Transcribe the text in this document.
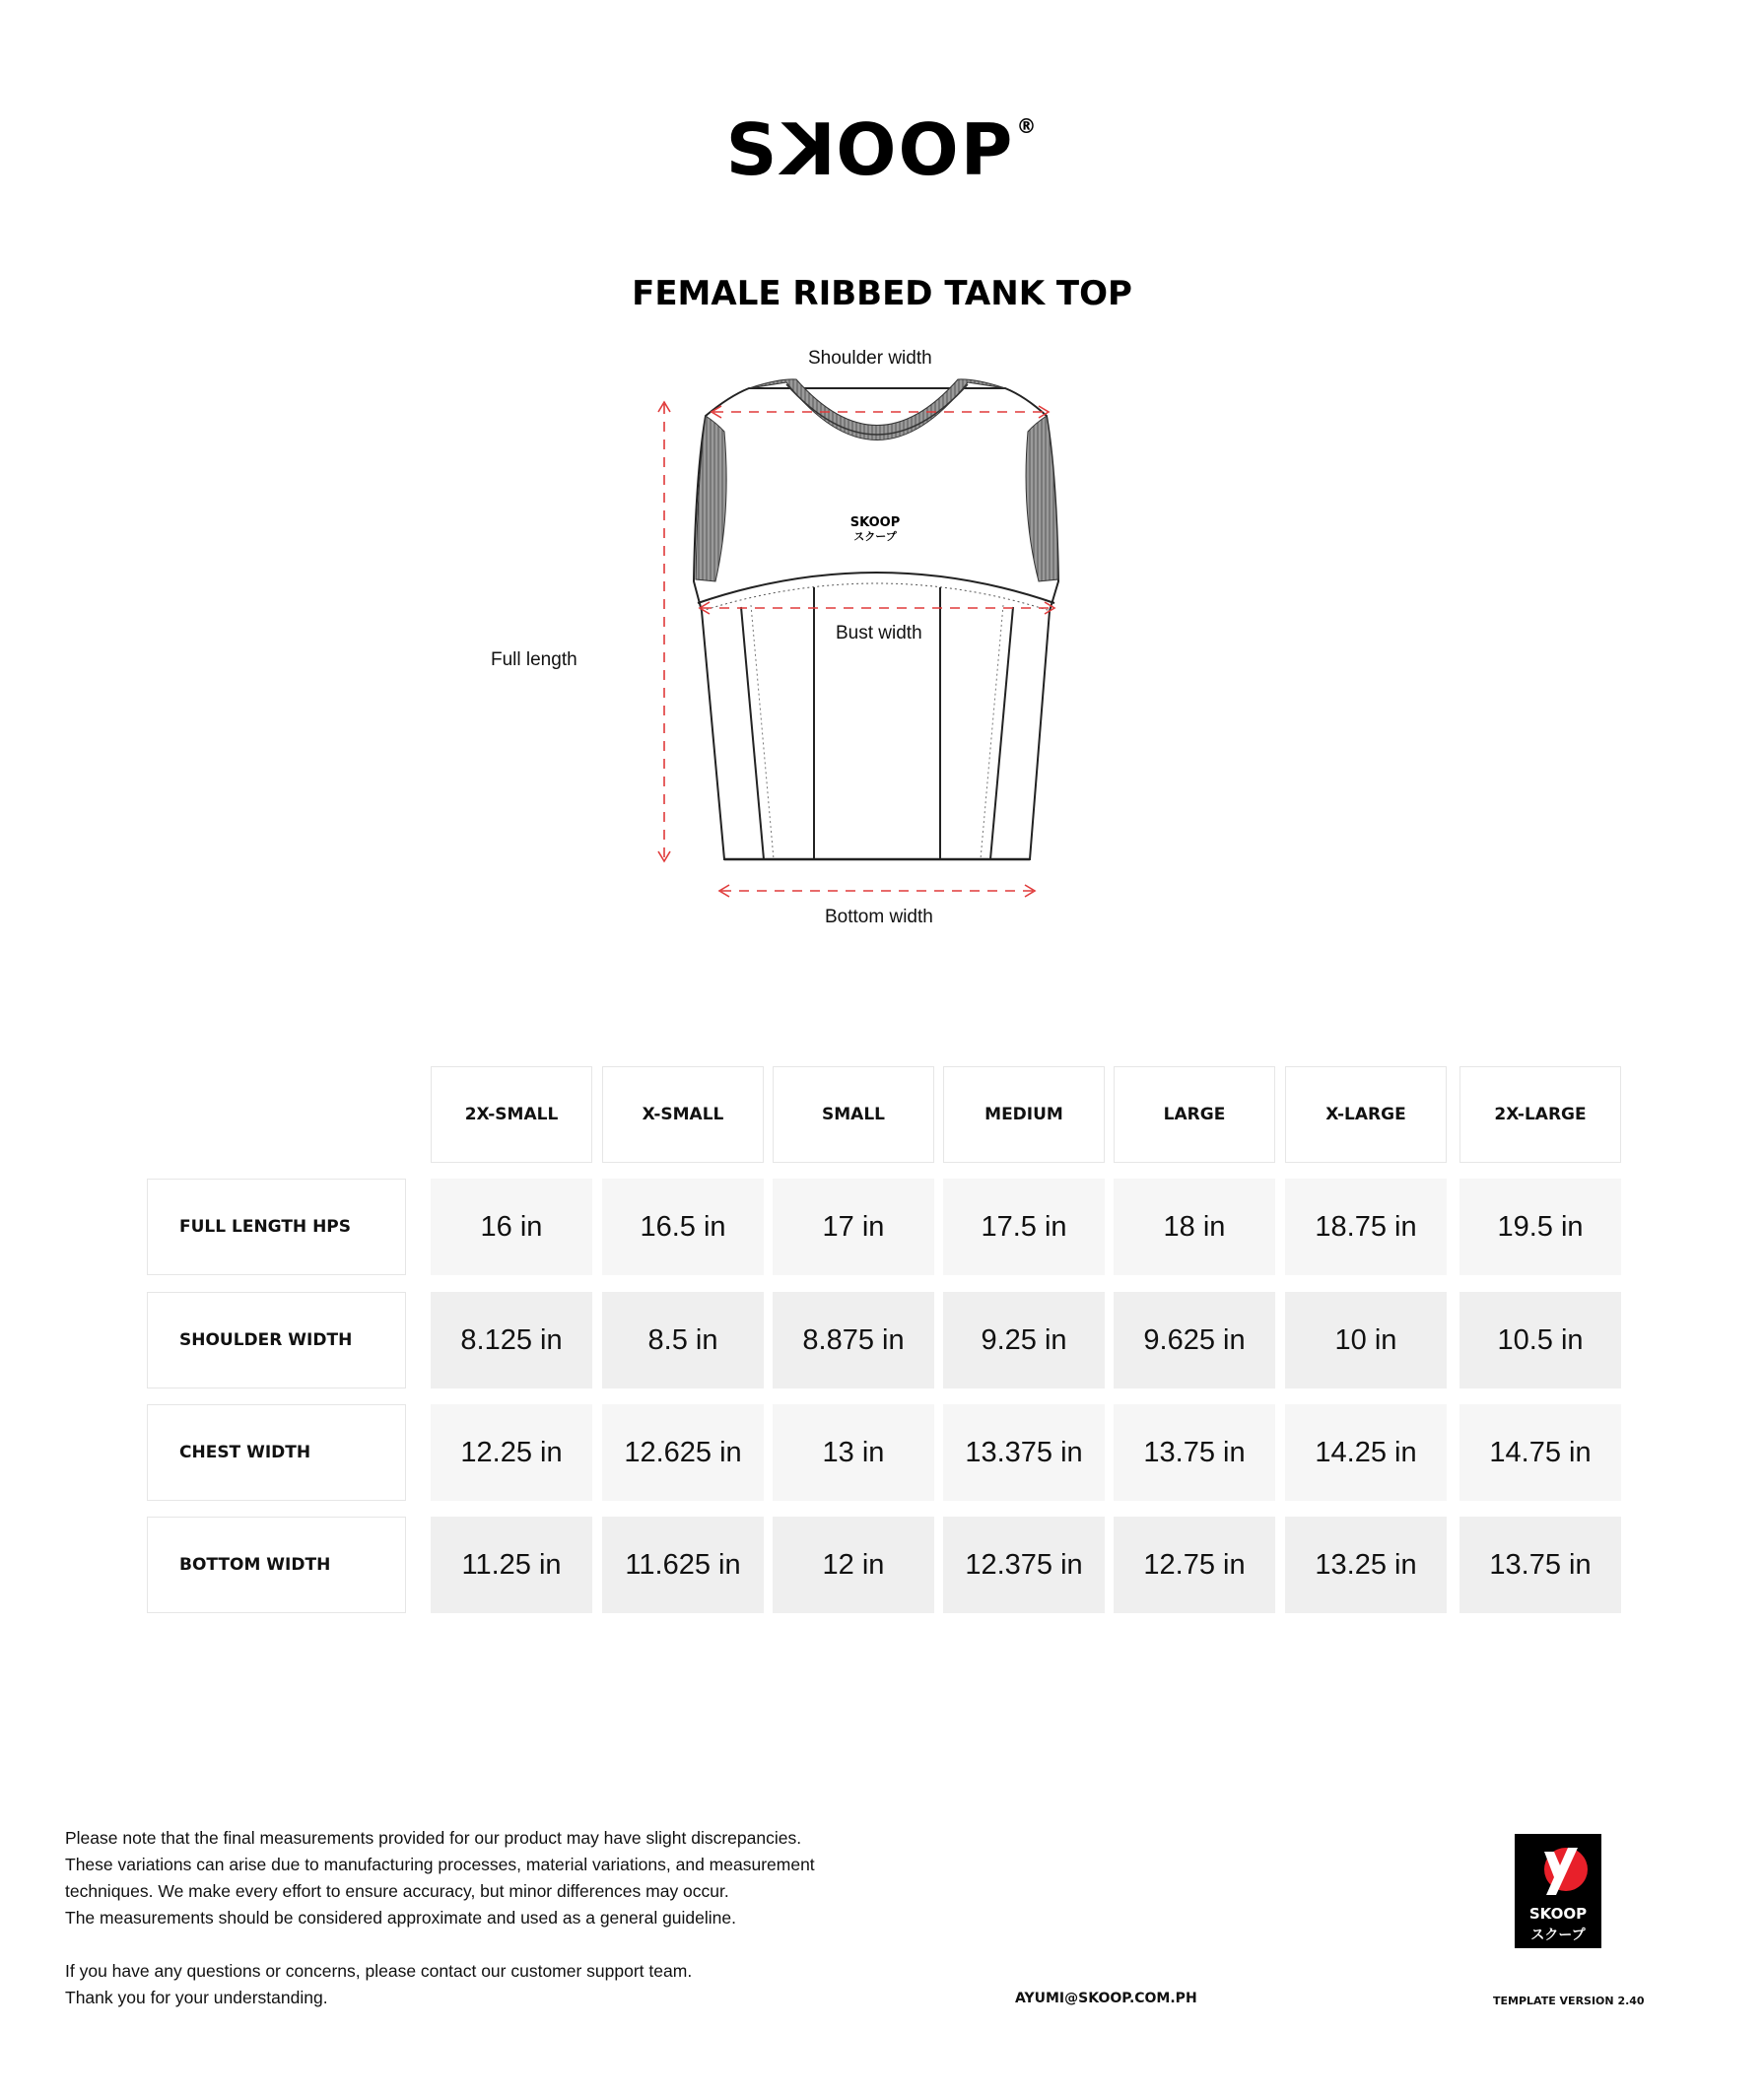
SKOOP ®
FEMALE RIBBED TANK TOP
SKOOP
スクープ
Shoulder width
Bust width
Full length
Bottom width
2X-SMALL	X-SMALL	SMALL	MEDIUM	LARGE	X-LARGE	2X-LARGE
FULL LENGTH HPS	16 in	16.5 in	17 in	17.5 in	18 in	18.75 in	19.5 in
SHOULDER WIDTH	8.125 in	8.5 in	8.875 in	9.25 in	9.625 in	10 in	10.5 in
CHEST WIDTH	12.25 in	12.625 in	13 in	13.375 in	13.75 in	14.25 in	14.75 in
BOTTOM WIDTH	11.25 in	11.625 in	12 in	12.375 in	12.75 in	13.25 in	13.75 in

Please note that the final measurements provided for our product may have slight discrepancies.

These variations can arise due to manufacturing processes, material variations, and measurement

techniques. We make every effort to ensure accuracy, but minor differences may occur.

The measurements should be considered approximate and used as a general guideline.

If you have any questions or concerns, please contact our customer support team.

Thank you for your understanding.	AYUMI@SKOOP.COM.PH
SKOOP
スクープ
TEMPLATE VERSION 2.40
